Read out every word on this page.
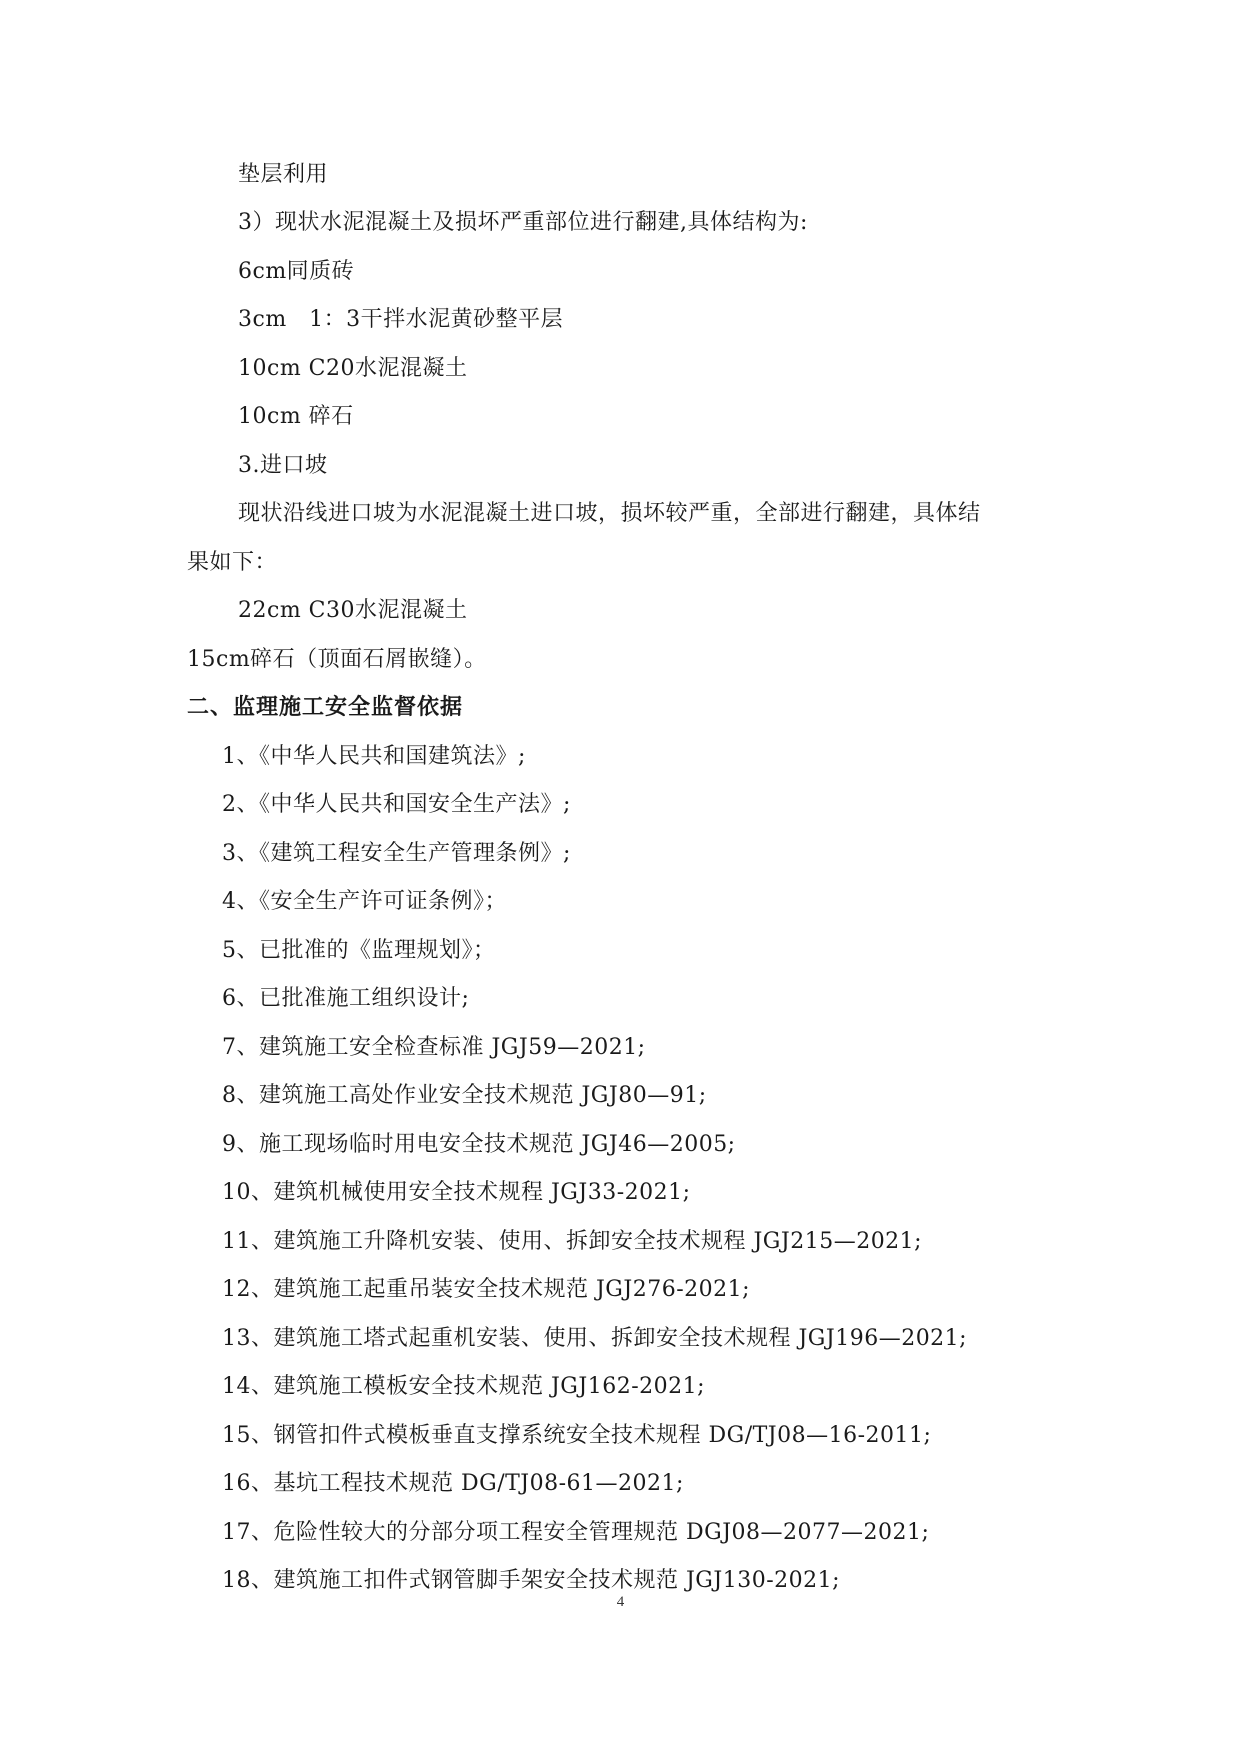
垫层利用
3）现状水泥混凝土及损坏严重部位进行翻建,具体结构为:
6cm同质砖
3cm　1：3干拌水泥黄砂整平层
10cm C20水泥混凝土
10cm 碎石
3.进口坡
现状沿线进口坡为水泥混凝土进口坡，损坏较严重，全部进行翻建，具体结
果如下：
22cm C30水泥混凝土
15cm碎石（顶面石屑嵌缝）。
二、监理施工安全监督依据
1、《中华人民共和国建筑法》;
2、《中华人民共和国安全生产法》;
3、《建筑工程安全生产管理条例》;
4、《安全生产许可证条例》；
5、已批准的《监理规划》；
6、已批准施工组织设计;
7、建筑施工安全检查标准 JGJ59—2021;
8、建筑施工高处作业安全技术规范 JGJ80—91;
9、施工现场临时用电安全技术规范 JGJ46—2005;
10、建筑机械使用安全技术规程 JGJ33-2021;
11、建筑施工升降机安装、使用、拆卸安全技术规程 JGJ215—2021;
12、建筑施工起重吊装安全技术规范 JGJ276-2021;
13、建筑施工塔式起重机安装、使用、拆卸安全技术规程 JGJ196—2021;
14、建筑施工模板安全技术规范 JGJ162-2021;
15、钢管扣件式模板垂直支撑系统安全技术规程 DG/TJ08—16-2011;
16、基坑工程技术规范 DG/TJ08-61—2021;
17、危险性较大的分部分项工程安全管理规范 DGJ08—2077—2021;
18、建筑施工扣件式钢管脚手架安全技术规范 JGJ130-2021;
4
